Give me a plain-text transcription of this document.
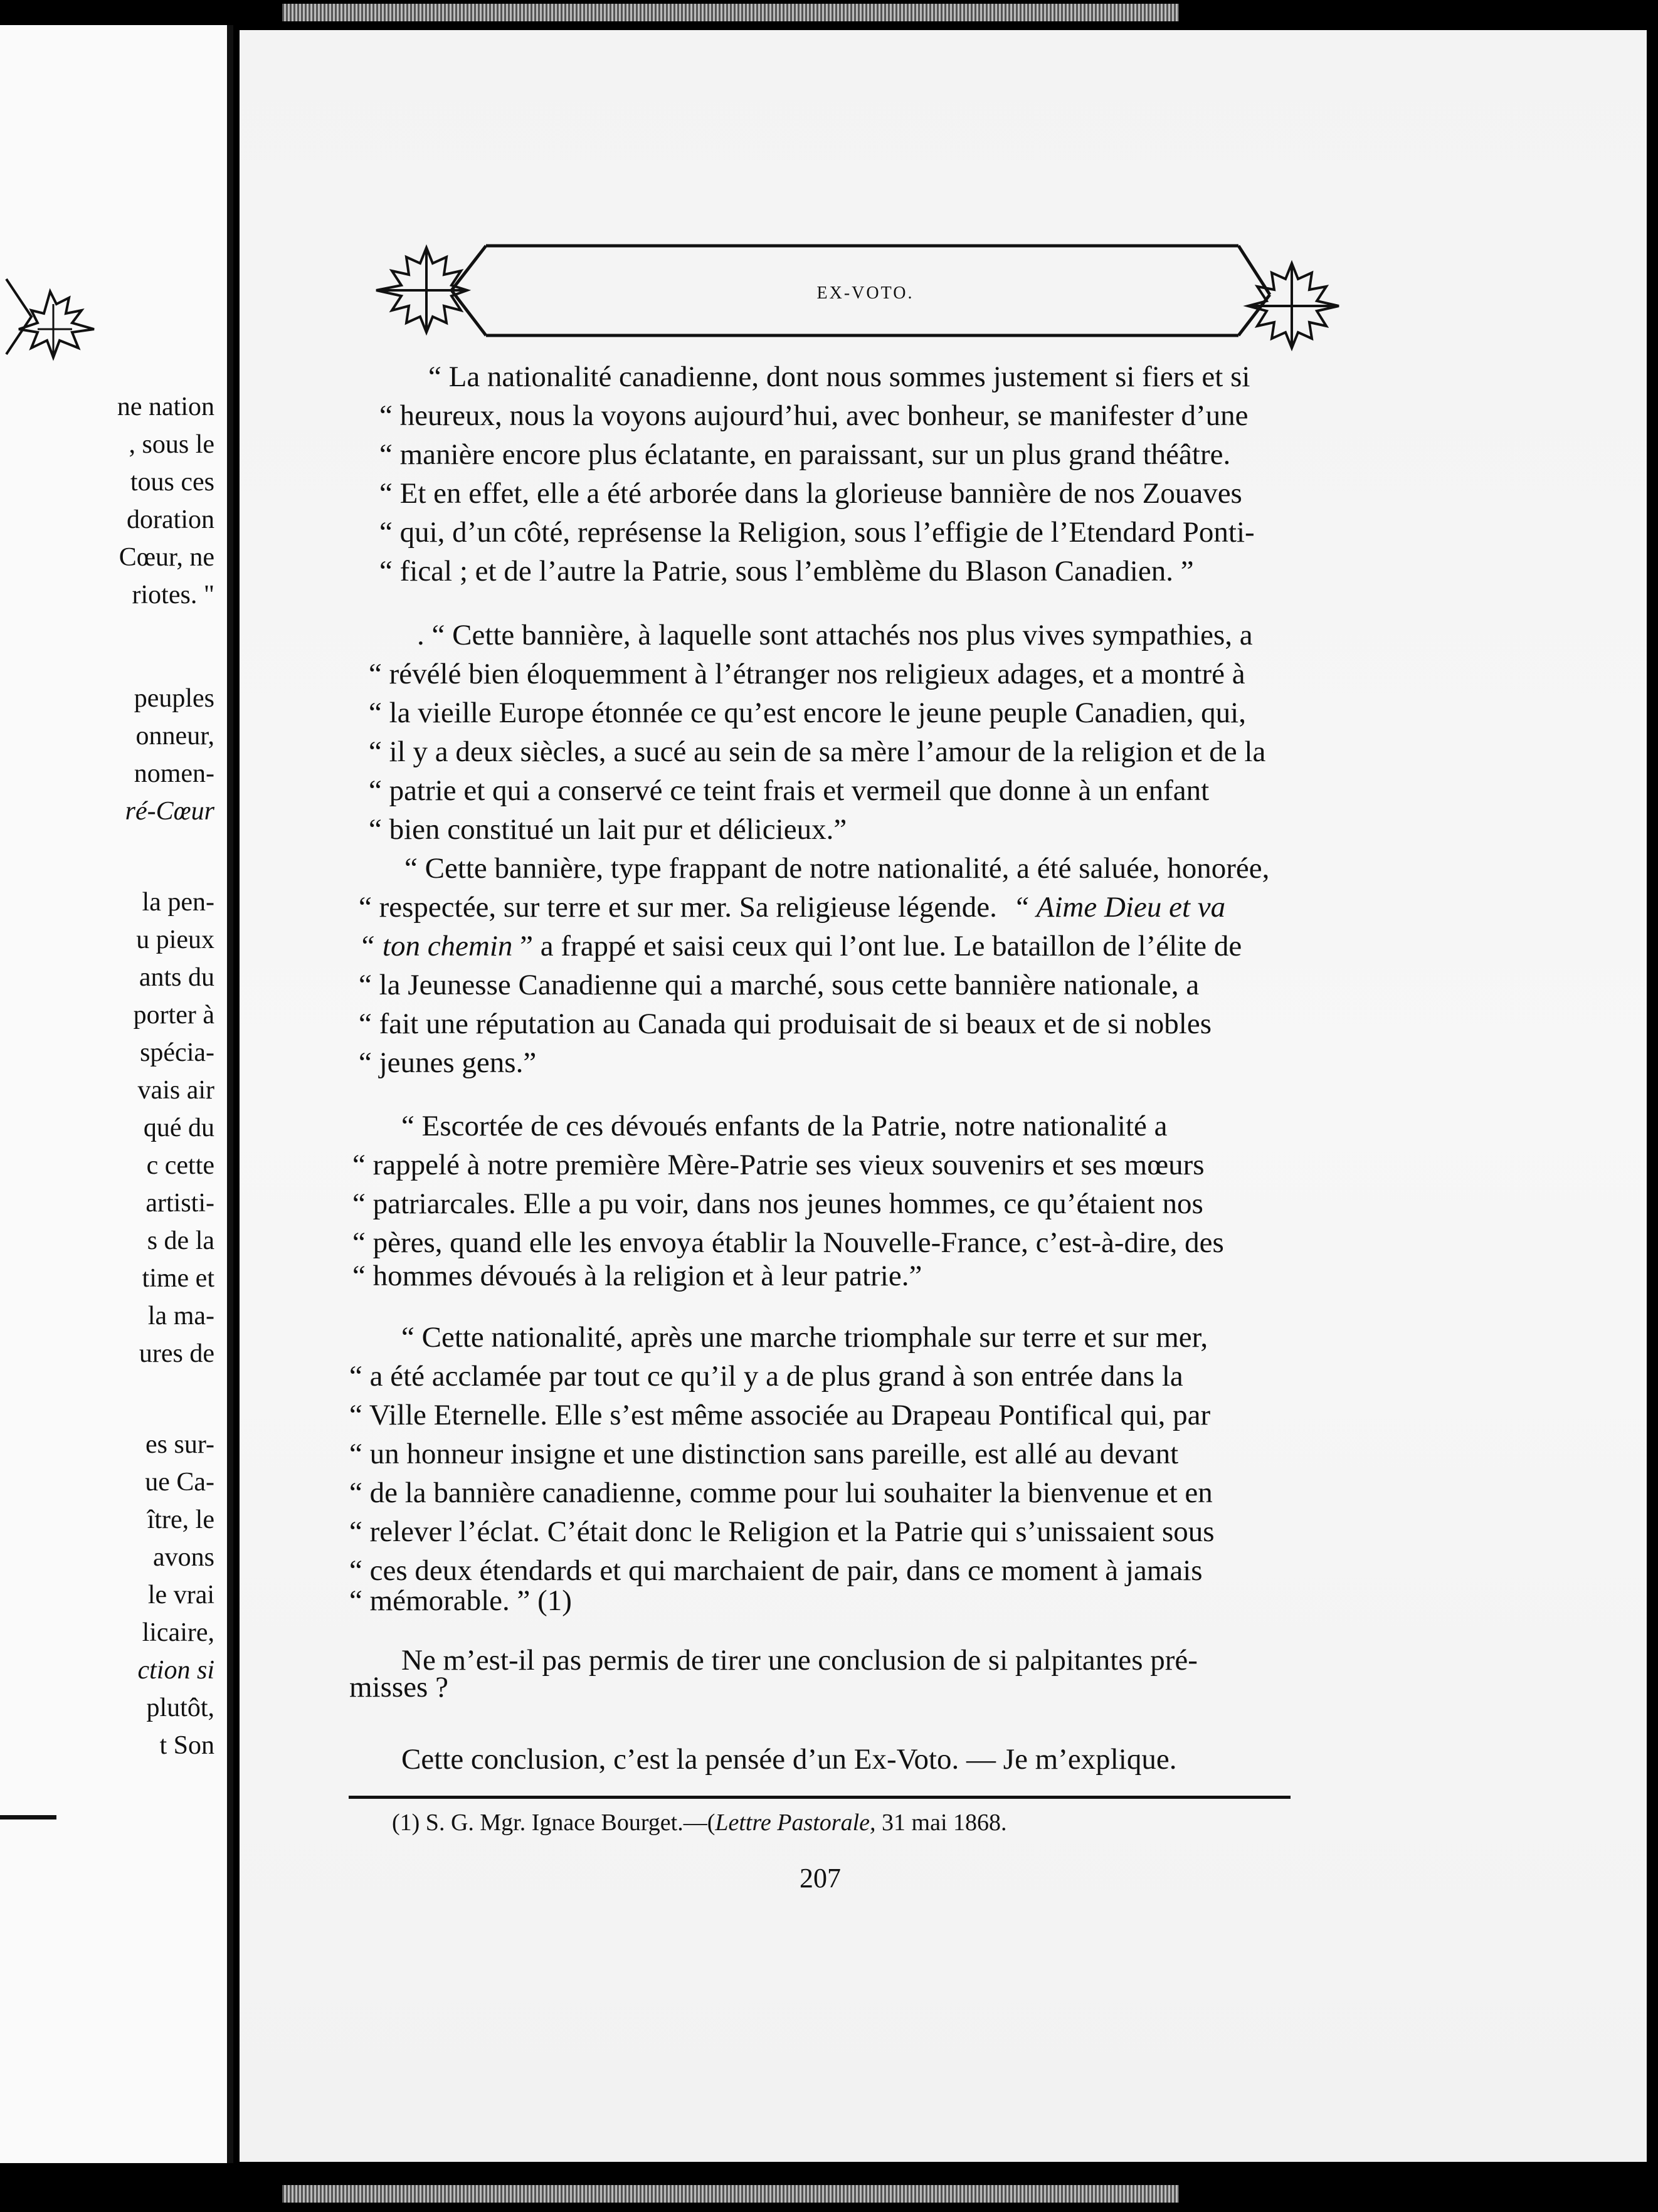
ne nation
, sous le
tous ces
doration
Cœur, ne
riotes. "
peuples
onneur,
nomen-
ré-Cœur
la pen-
u pieux
ants du
porter à
spécia-
vais air
qué du
c cette
artisti-
s de la
time et
la ma-
ures de
es sur-
ue Ca-
ître, le
avons
le vrai
licaire,
ction si
plutôt,
t Son
EX-VOTO.
“ La nationalité canadienne, dont nous sommes justement si fiers et si
“ heureux, nous la voyons aujourd’hui, avec bonheur, se manifester d’une
“ manière encore plus éclatante, en paraissant, sur un plus grand théâtre.
“ Et en effet, elle a été arborée dans la glorieuse bannière de nos Zouaves
“ qui, d’un côté, représense la Religion, sous l’effigie de l’Etendard Ponti-
“ fical ; et de l’autre la Patrie, sous l’emblème du Blason Canadien. ”
. “ Cette bannière, à laquelle sont attachés nos plus vives sympathies, a
“ révélé bien éloquemment à l’étranger nos religieux adages, et a montré à
“ la vieille Europe étonnée ce qu’est encore le jeune peuple Canadien, qui,
“ il y a deux siècles, a sucé au sein de sa mère l’amour de la religion et de la
“ patrie et qui a conservé ce teint frais et vermeil que donne à un enfant
“ bien constitué un lait pur et délicieux.”
“ Cette bannière, type frappant de notre nationalité, a été saluée, honorée,
“ respectée, sur terre et sur mer. Sa religieuse légende. “ Aime Dieu et va
“ ton chemin ” a frappé et saisi ceux qui l’ont lue. Le bataillon de l’élite de
“ la Jeunesse Canadienne qui a marché, sous cette bannière nationale, a
“ fait une réputation au Canada qui produisait de si beaux et de si nobles
“ jeunes gens.”
“ Escortée de ces dévoués enfants de la Patrie, notre nationalité a
“ rappelé à notre première Mère-Patrie ses vieux souvenirs et ses mœurs
“ patriarcales. Elle a pu voir, dans nos jeunes hommes, ce qu’étaient nos
“ pères, quand elle les envoya établir la Nouvelle-France, c’est-à-dire, des
“ hommes dévoués à la religion et à leur patrie.”
“ Cette nationalité, après une marche triomphale sur terre et sur mer,
“ a été acclamée par tout ce qu’il y a de plus grand à son entrée dans la
“ Ville Eternelle. Elle s’est même associée au Drapeau Pontifical qui, par
“ un honneur insigne et une distinction sans pareille, est allé au devant
“ de la bannière canadienne, comme pour lui souhaiter la bienvenue et en
“ relever l’éclat. C’était donc le Religion et la Patrie qui s’unissaient sous
“ ces deux étendards et qui marchaient de pair, dans ce moment à jamais
“ mémorable. ” (1)
Ne m’est-il pas permis de tirer une conclusion de si palpitantes pré-
misses ?
Cette conclusion, c’est la pensée d’un Ex-Voto. — Je m’explique.
(1) S. G. Mgr. Ignace Bourget.—(Lettre Pastorale, 31 mai 1868.
207
